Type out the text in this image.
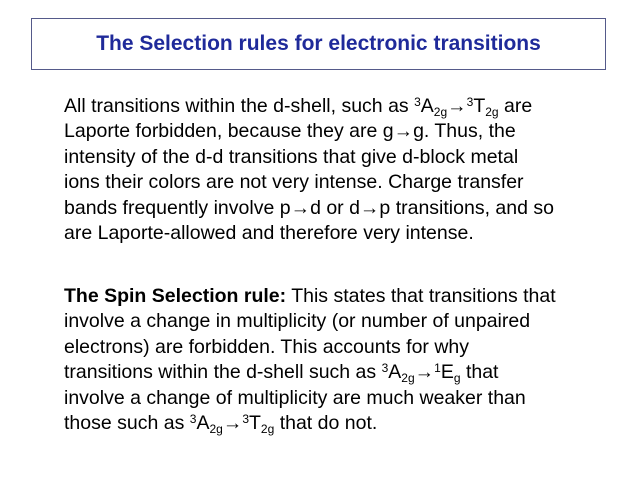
The Selection rules for electronic transitions
All transitions within the d-shell, such as $^3A_{2g}\to^3T_{2g}$ are
Laporte forbidden, because they are g→g. Thus, the
intensity of the d-d transitions that give d-block metal
ions their colors are not very intense. Charge transfer
bands frequently involve p→d or d→p transitions, and so
are Laporte-allowed and therefore very intense.
The Spin Selection rule: This states that transitions that
involve a change in multiplicity (or number of unpaired
electrons) are forbidden. This accounts for why
transitions within the d-shell such as $^3A_{2g}\to^1E_g$ that
involve a change of multiplicity are much weaker than
those such as $^3A_{2g}\to^3T_{2g}$ that do not.
